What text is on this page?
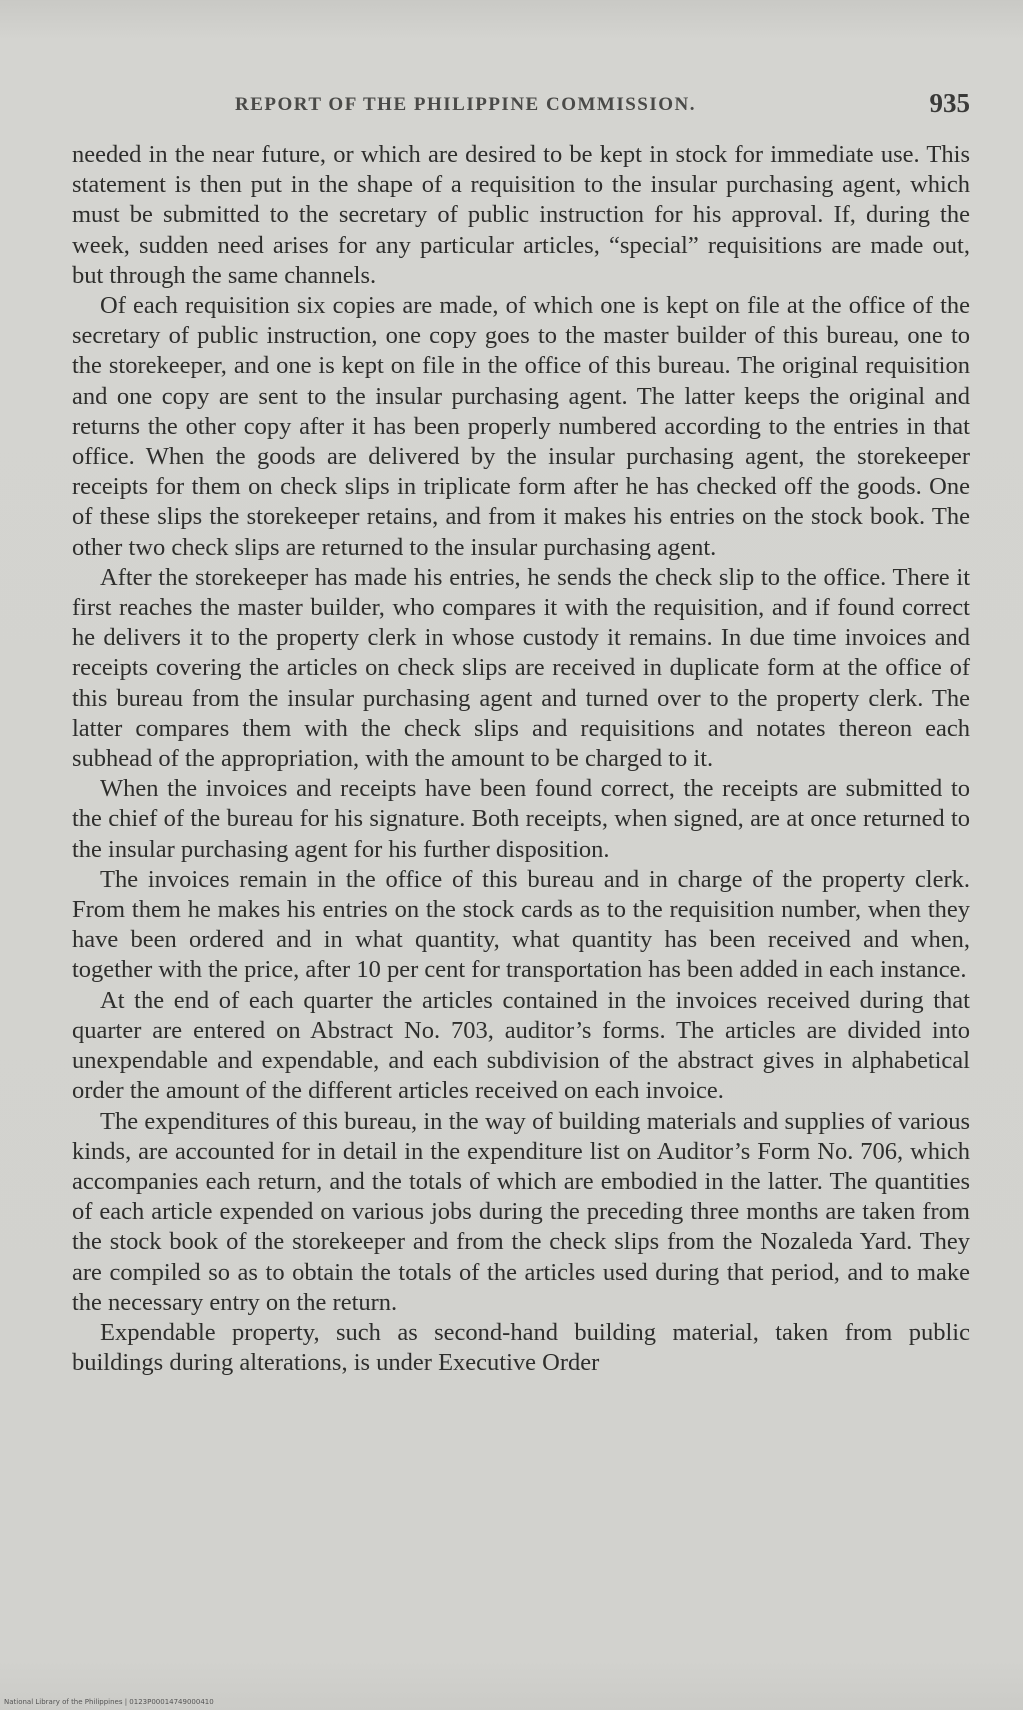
REPORT OF THE PHILIPPINE COMMISSION.	935

needed in the near future, or which are desired to be kept in stock for immediate use. This statement is then put in the shape of a requisition to the insular purchasing agent, which must be submitted to the secretary of public instruction for his approval. If, during the week, sudden need arises for any particular articles, “special” requisitions are made out, but through the same channels.

Of each requisition six copies are made, of which one is kept on file at the office of the secretary of public instruction, one copy goes to the master builder of this bureau, one to the storekeeper, and one is kept on file in the office of this bureau. The original requisition and one copy are sent to the insular purchasing agent. The latter keeps the original and returns the other copy after it has been properly numbered according to the entries in that office. When the goods are delivered by the insular purchasing agent, the storekeeper receipts for them on check slips in triplicate form after he has checked off the goods. One of these slips the storekeeper retains, and from it makes his entries on the stock book. The other two check slips are returned to the insular purchasing agent.

After the storekeeper has made his entries, he sends the check slip to the office. There it first reaches the master builder, who compares it with the requisition, and if found correct he delivers it to the property clerk in whose custody it remains. In due time invoices and receipts covering the articles on check slips are received in duplicate form at the office of this bureau from the insular purchasing agent and turned over to the property clerk. The latter compares them with the check slips and requisitions and notates thereon each subhead of the appropriation, with the amount to be charged to it.

When the invoices and receipts have been found correct, the receipts are submitted to the chief of the bureau for his signature. Both receipts, when signed, are at once returned to the insular purchasing agent for his further disposition.

The invoices remain in the office of this bureau and in charge of the property clerk. From them he makes his entries on the stock cards as to the requisition number, when they have been ordered and in what quantity, what quantity has been received and when, together with the price, after 10 per cent for transportation has been added in each instance.

At the end of each quarter the articles contained in the invoices received during that quarter are entered on Abstract No. 703, auditor’s forms. The articles are divided into unexpendable and expendable, and each subdivision of the abstract gives in alphabetical order the amount of the different articles received on each invoice.

The expenditures of this bureau, in the way of building materials and supplies of various kinds, are accounted for in detail in the expenditure list on Auditor’s Form No. 706, which accompanies each return, and the totals of which are embodied in the latter. The quantities of each article expended on various jobs during the preceding three months are taken from the stock book of the storekeeper and from the check slips from the Nozaleda Yard. They are compiled so as to obtain the totals of the articles used during that period, and to make the necessary entry on the return.

Expendable property, such as second-hand building material, taken from public buildings during alterations, is under Executive Order

National Library of the Philippines | 0123P00014749000410
